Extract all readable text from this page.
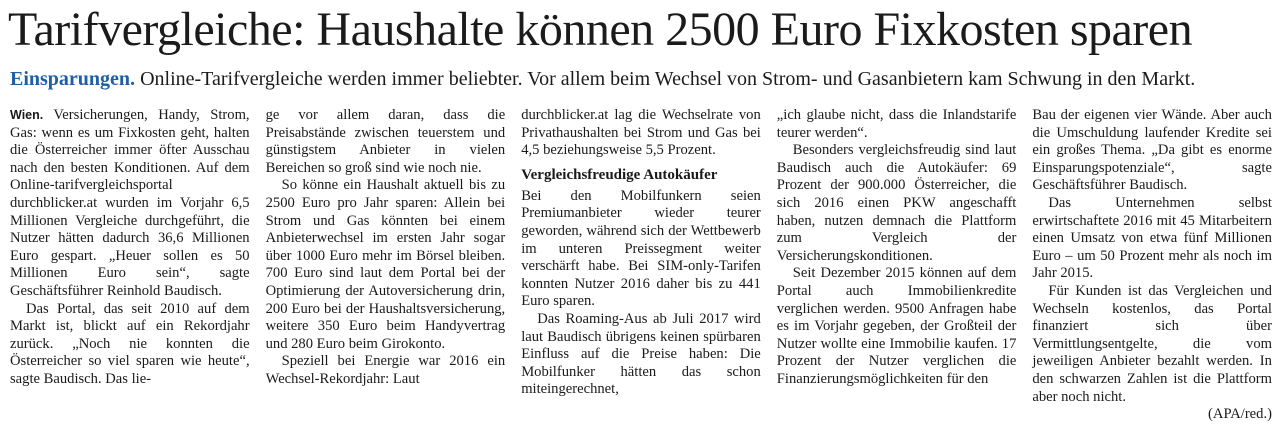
Tarifvergleiche: Haushalte können 2500 Euro Fixkosten sparen
Einsparungen. Online-Tarifvergleiche werden immer beliebter. Vor allem beim Wechsel von Strom- und Gasanbietern kam Schwung in den Markt.

Wien. Versicherungen, Handy, Strom, Gas: wenn es um Fixkosten geht, halten die Österreicher immer öfter Ausschau nach den besten Konditionen. Auf dem Online-tarifvergleichsportal durchblicker.at wurden im Vorjahr 6,5 Millionen Vergleiche durchgeführt, die Nutzer hätten dadurch 36,6 Millionen Euro gespart. „Heuer sollen es 50 Millionen Euro sein“, sagte Geschäftsführer Reinhold Baudisch.

Das Portal, das seit 2010 auf dem Markt ist, blickt auf ein Rekordjahr zurück. „Noch nie konnten die Österreicher so viel sparen wie heute“, sagte Baudisch. Das lie-

ge vor allem daran, dass die Preisabstände zwischen teuerstem und günstigstem Anbieter in vielen Bereichen so groß sind wie noch nie.

So könne ein Haushalt aktuell bis zu 2500 Euro pro Jahr sparen: Allein bei Strom und Gas könnten bei einem Anbieterwechsel im ersten Jahr sogar über 1000 Euro mehr im Börsel bleiben. 700 Euro sind laut dem Portal bei der Optimierung der Autoversicherung drin, 200 Euro bei der Haushaltsversicherung, weitere 350 Euro beim Handyvertrag und 280 Euro beim Girokonto.

Speziell bei Energie war 2016 ein Wechsel-Rekordjahr: Laut

durchblicker.at lag die Wechselrate von Privathaushalten bei Strom und Gas bei 4,5 beziehungsweise 5,5 Prozent.

Vergleichsfreudige Autokäufer

Bei den Mobilfunkern seien Premiumanbieter wieder teurer geworden, während sich der Wettbewerb im unteren Preissegment weiter verschärft habe. Bei SIM-only-Tarifen konnten Nutzer 2016 daher bis zu 441 Euro sparen.

Das Roaming-Aus ab Juli 2017 wird laut Baudisch übrigens keinen spürbaren Einfluss auf die Preise haben: Die Mobilfunker hätten das schon miteingerechnet,

„ich glaube nicht, dass die Inlandstarife teurer werden“.

Besonders vergleichsfreudig sind laut Baudisch auch die Autokäufer: 69 Prozent der 900.000 Österreicher, die sich 2016 einen PKW angeschafft haben, nutzen demnach die Plattform zum Vergleich der Versicherungskonditionen.

Seit Dezember 2015 können auf dem Portal auch Immobilienkredite verglichen werden. 9500 Anfragen habe es im Vorjahr gegeben, der Großteil der Nutzer wollte eine Immobilie kaufen. 17 Prozent der Nutzer verglichen die Finanzierungsmöglichkeiten für den

Bau der eigenen vier Wände. Aber auch die Umschuldung laufender Kredite sei ein großes Thema. „Da gibt es enorme Einsparungspotenziale“, sagte Geschäftsführer Baudisch.

Das Unternehmen selbst erwirtschaftete 2016 mit 45 Mitarbeitern einen Umsatz von etwa fünf Millionen Euro – um 50 Prozent mehr als noch im Jahr 2015.

Für Kunden ist das Vergleichen und Wechseln kostenlos, das Portal finanziert sich über Vermittlungsentgelte, die vom jeweiligen Anbieter bezahlt werden. In den schwarzen Zahlen ist die Plattform aber noch nicht.

(APA/red.)
